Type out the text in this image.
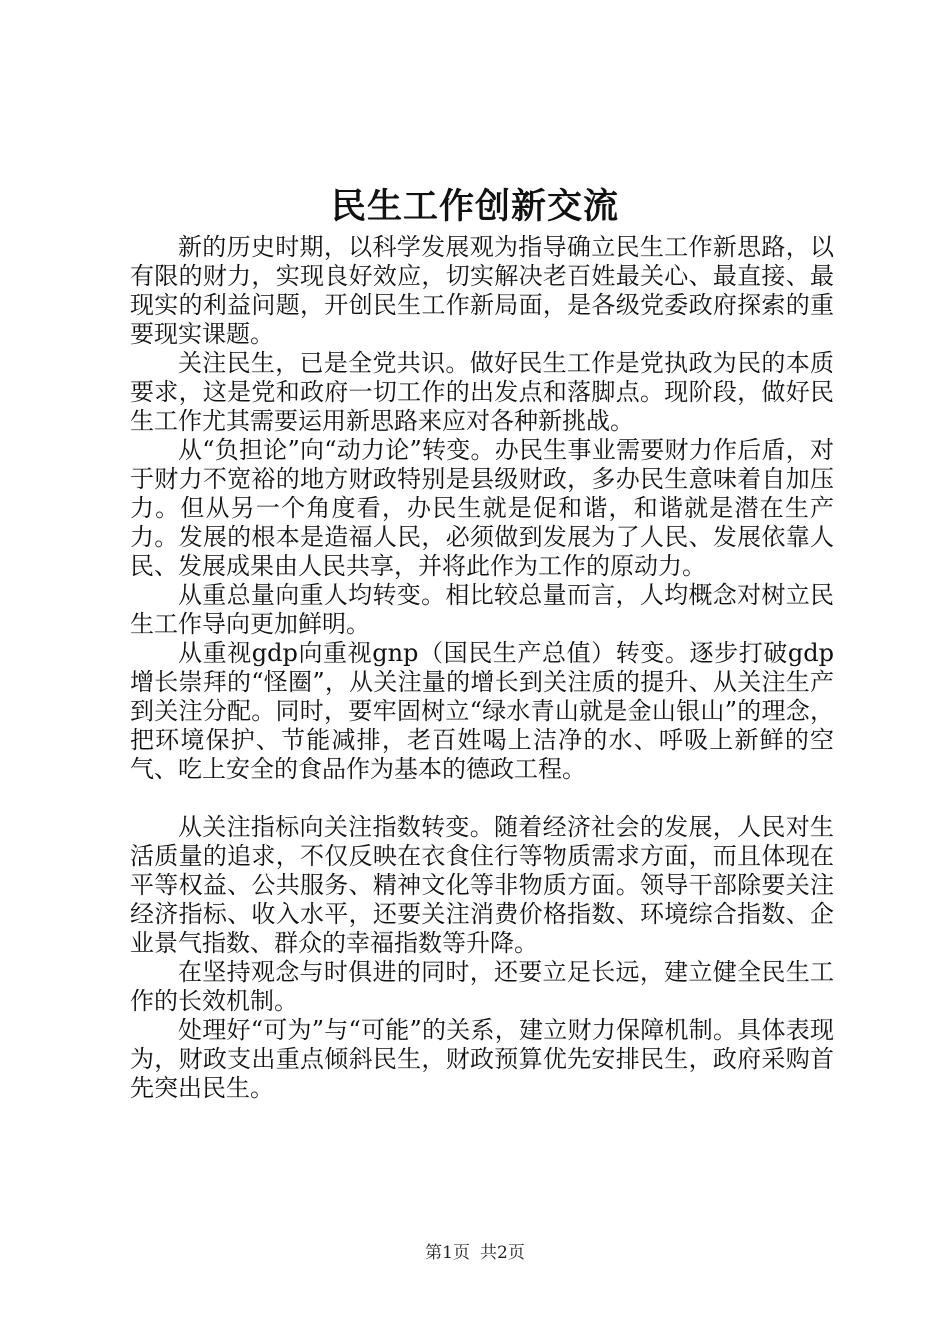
民生工作创新交流

新的历史时期，以科学发展观为指导确立民生工作新思路，以有限的财力，实现良好效应，切实解决老百姓最关心、最直接、最现实的利益问题，开创民生工作新局面，是各级党委政府探索的重要现实课题。

关注民生，已是全党共识。做好民生工作是党执政为民的本质要求，这是党和政府一切工作的出发点和落脚点。现阶段，做好民生工作尤其需要运用新思路来应对各种新挑战。

从“负担论”向“动力论”转变。办民生事业需要财力作后盾，对于财力不宽裕的地方财政特别是县级财政，多办民生意味着自加压力。但从另一个角度看，办民生就是促和谐，和谐就是潜在生产力。发展的根本是造福人民，必须做到发展为了人民、发展依靠人民、发展成果由人民共享，并将此作为工作的原动力。

从重总量向重人均转变。相比较总量而言，人均概念对树立民生工作导向更加鲜明。

从重视gdp向重视gnp（国民生产总值）转变。逐步打破gdp增长崇拜的“怪圈”，从关注量的增长到关注质的提升、从关注生产到关注分配。同时，要牢固树立“绿水青山就是金山银山”的理念，把环境保护、节能减排，老百姓喝上洁净的水、呼吸上新鲜的空气、吃上安全的食品作为基本的德政工程。

从关注指标向关注指数转变。随着经济社会的发展，人民对生活质量的追求，不仅反映在衣食住行等物质需求方面，而且体现在平等权益、公共服务、精神文化等非物质方面。领导干部除要关注经济指标、收入水平，还要关注消费价格指数、环境综合指数、企业景气指数、群众的幸福指数等升降。

在坚持观念与时俱进的同时，还要立足长远，建立健全民生工作的长效机制。

处理好“可为”与“可能”的关系，建立财力保障机制。具体表现为，财政支出重点倾斜民生，财政预算优先安排民生，政府采购首先突出民生。

第1页 共2页
